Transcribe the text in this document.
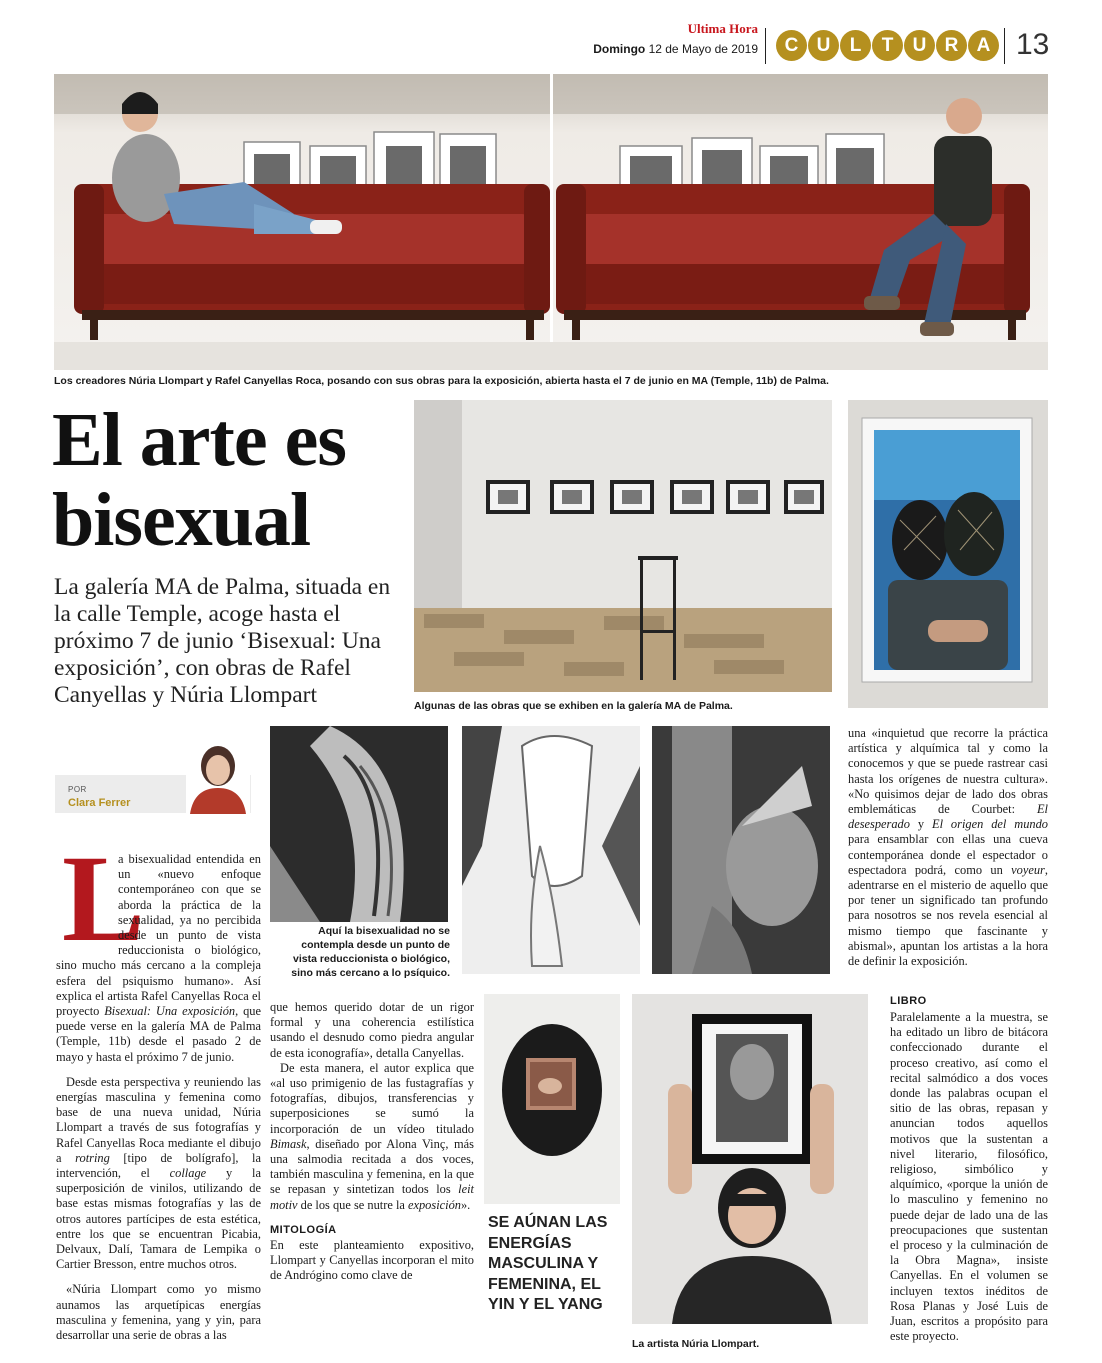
Ultima Hora
Domingo 12 de Mayo de 2019	C U	L	T	U R A 13
Los creadores Núria Llompart y Rafel Canyellas Roca, posando con sus obras para la exposición, abierta hasta el 7 de junio en MA (Temple, 11b) de Palma.
El arte es bisexual

La galería MA de Palma, situada en la calle Temple, acoge hasta el próximo 7 de junio ‘Bisexual: Una exposición’, con obras de Rafel Canyellas y Núria Llompart	Algunas de las obras que se exhiben en la galería MA de Palma.
POR
Clara Ferrer
Aquí la bisexualidad no se contempla desde un punto de vista reduccionista o biológico, sino más cercano a lo psíquico.
L

a bisexualidad entendida en un «nuevo enfoque contemporáneo con que se aborda la práctica de la sexualidad, ya no percibida desde un punto de vista reduccionista o biológico, sino mucho más cercano a la compleja esfera del psiquismo humano». Así explica el artista Rafel Canyellas Roca el proyecto Bisexual: Una exposición, que puede verse en la galería MA de Palma (Temple, 11b) desde el pasado 2 de mayo y hasta el próximo 7 de junio.

Desde esta perspectiva y reuniendo las energías masculina y femenina como base de una nueva unidad, Núria Llompart a través de sus fotografías y Rafel Canyellas Roca mediante el dibujo a rotring [tipo de bolígrafo], la intervención, el collage y la superposición de vinilos, utilizando de base estas mismas fotografías y las de otros autores partícipes de esta estética, entre los que se encuentran Picabia, Delvaux, Dalí, Tamara de Lempika o Cartier Bresson, entre muchos otros.

«Núria Llompart como yo mismo aunamos las arquetípicas energías masculina y femenina, yang y yin, para desarrollar una serie de obras a las

que hemos querido dotar de un rigor formal y una coherencia estilística usando el desnudo como piedra angular de esta iconografía», detalla Canyellas.

De esta manera, el autor explica que «al uso primigenio de las fustagrafías y fotografías, dibujos, transferencias y superposiciones se sumó la incorporación de un vídeo titulado Bimask, diseñado por Alona Vinç, más una salmodia recitada a dos voces, también masculina y femenina, en la que se repasan y sintetizan todos los leit motiv de los que se nutre la exposición».

MITOLOGÍA

En este planteamiento expositivo, Llompart y Canyellas incorporan el mito de Andrógino como clave de

SE AÚNAN LAS ENERGÍAS MASCULINA Y FEMENINA, EL YIN Y EL YANG
La artista Núria Llompart.

una «inquietud que recorre la práctica artística y alquímica tal y como la conocemos y que se puede rastrear casi hasta los orígenes de nuestra cultura». «No quisimos dejar de lado dos obras emblemáticas de Courbet: El desesperado y El origen del mundo para ensamblar con ellas una cueva contemporánea donde el espectador o espectadora podrá, como un voyeur, adentrarse en el misterio de aquello que por tener un significado tan profundo para nosotros se nos revela esencial al mismo tiempo que fascinante y abismal», apuntan los artistas a la hora de definir la exposición.

LIBRO

Paralelamente a la muestra, se ha editado un libro de bitácora confeccionado durante el proceso creativo, así como el recital salmódico a dos voces donde las palabras ocupan el sitio de las obras, repasan y anuncian todos aquellos motivos que la sustentan a nivel literario, filosófico, religioso, simbólico y alquímico, «porque la unión de lo masculino y femenino no puede dejar de lado una de las preocupaciones que sustentan el proceso y la culminación de la Obra Magna», insiste Canyellas. En el volumen se incluyen textos inéditos de Rosa Planas y José Luis de Juan, escritos a propósito para este proyecto.
